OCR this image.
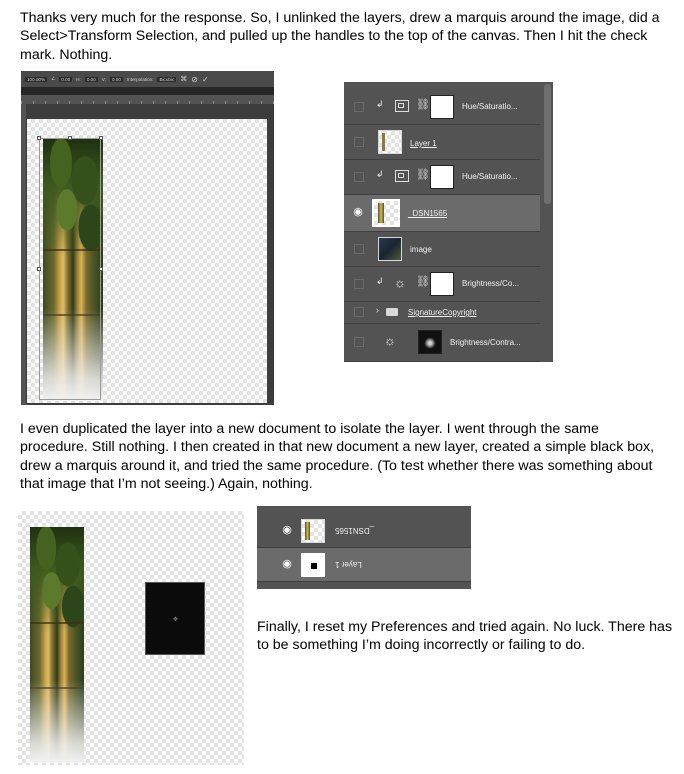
Thanks very much for the response. So, I unlinked the layers, drew a marquis around the image, did a Select>Transform Selection, and pulled up the handles to the top of the canvas. Then I hit the check mark. Nothing.

100.00%	∠	0.00	H:	0.00	V:	0.00	Interpolation:	Bicubic ⌘ ⊘ ✓
↲	⛓	Hue/Saturatio...
Layer 1
↲	⛓	Hue/Saturatio...
◉	_DSN1565
image
↲ ☼ ⛓	Brightness/Co...
›	SignatureCopyright
☼	Brightness/Contra...

I even duplicated the layer into a new document to isolate the layer. I went through the same procedure. Still nothing. I then created in that new document a new layer, created a simple black box, drew a marquis around it, and tried the same procedure. (To test whether there was something about that image that I’m not seeing.) Again, nothing.

✥
◉	_DSN1565
◉	Layer 1

Finally, I reset my Preferences and tried again. No luck. There has to be something I’m doing incorrectly or failing to do.
